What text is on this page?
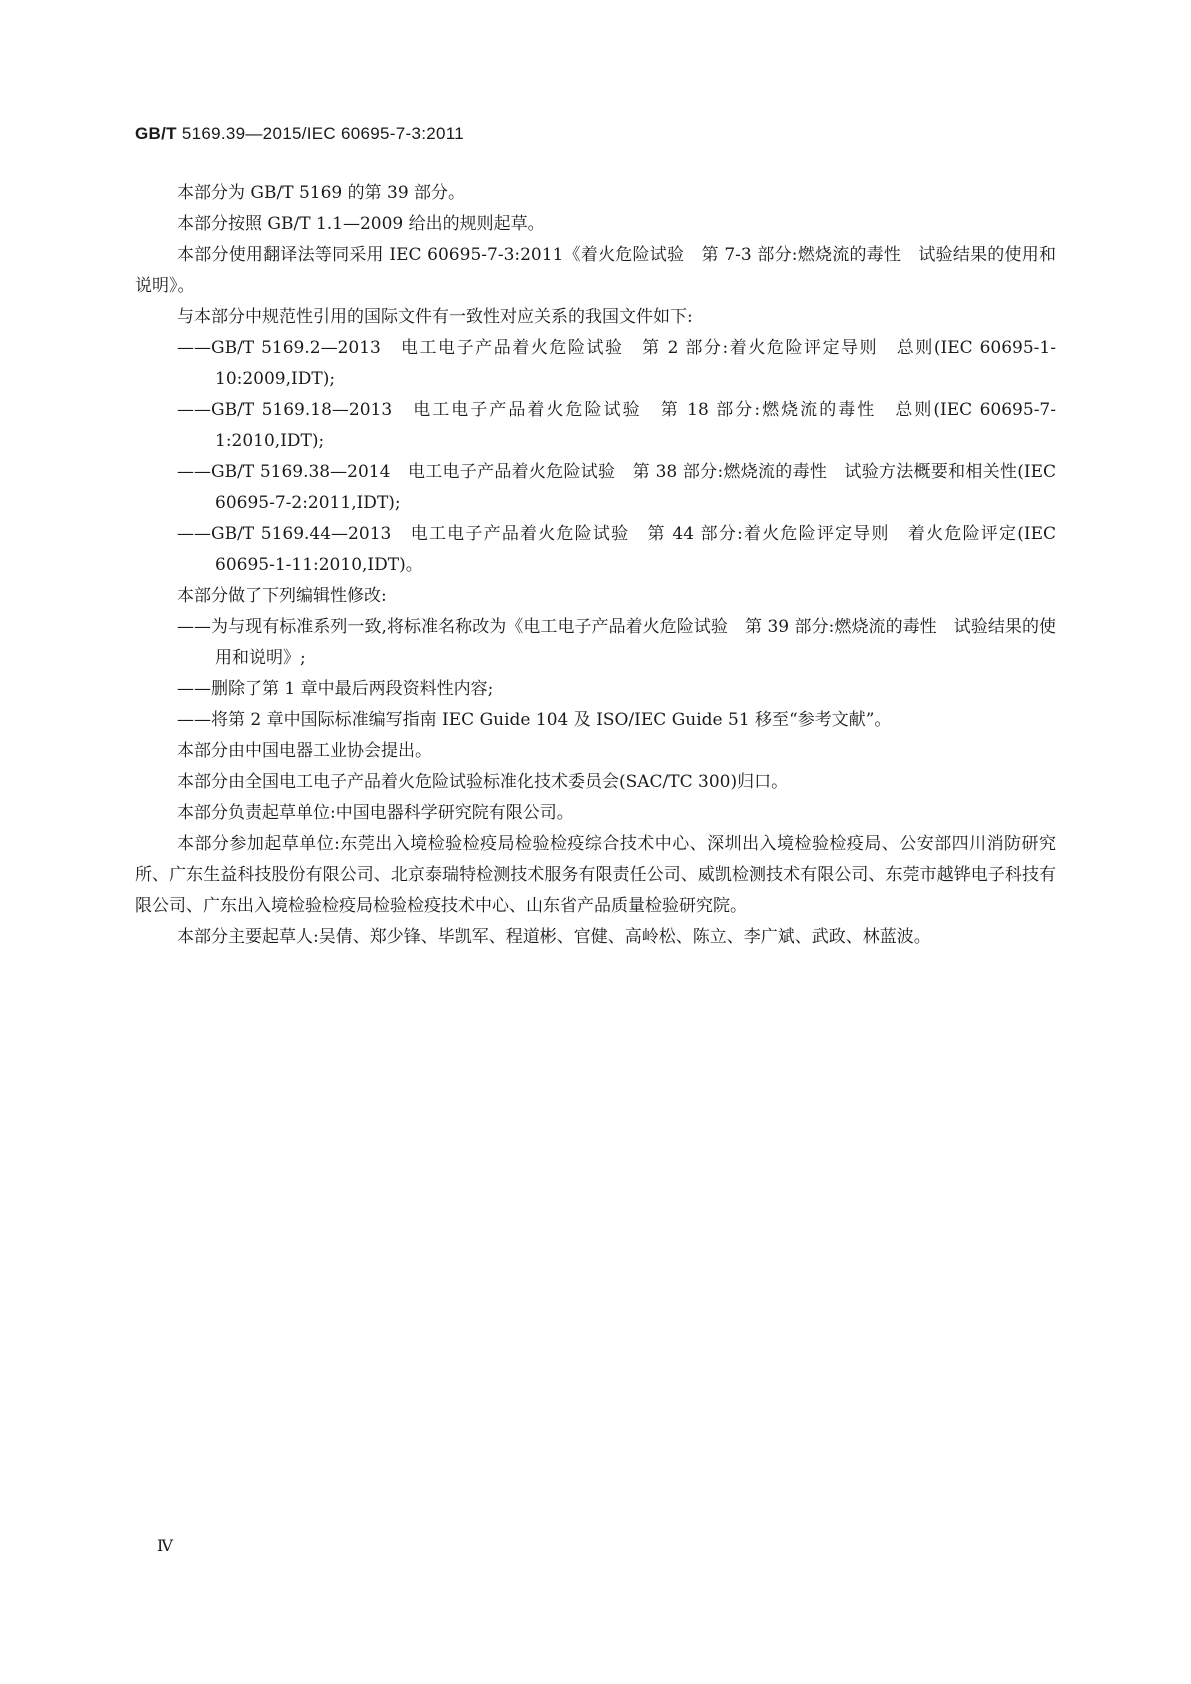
GB/T 5169.39—2015/IEC 60695-7-3:2011

本部分为 GB/T 5169 的第 39 部分。

本部分按照 GB/T 1.1—2009 给出的规则起草。

本部分使用翻译法等同采用 IEC 60695-7-3:2011《着火危险试验　第 7-3 部分:燃烧流的毒性　试验结果的使用和说明》。

与本部分中规范性引用的国际文件有一致性对应关系的我国文件如下:

——GB/T 5169.2—2013　电工电子产品着火危险试验　第 2 部分:着火危险评定导则　总则(IEC 60695-1-10:2009,IDT);

——GB/T 5169.18—2013　电工电子产品着火危险试验　第 18 部分:燃烧流的毒性　总则(IEC 60695-7-1:2010,IDT);

——GB/T 5169.38—2014　电工电子产品着火危险试验　第 38 部分:燃烧流的毒性　试验方法概要和相关性(IEC 60695-7-2:2011,IDT);

——GB/T 5169.44—2013　电工电子产品着火危险试验　第 44 部分:着火危险评定导则　着火危险评定(IEC 60695-1-11:2010,IDT)。

本部分做了下列编辑性修改:

——为与现有标准系列一致,将标准名称改为《电工电子产品着火危险试验　第 39 部分:燃烧流的毒性　试验结果的使用和说明》;

——删除了第 1 章中最后两段资料性内容;

——将第 2 章中国际标准编写指南 IEC Guide 104 及 ISO/IEC Guide 51 移至“参考文献”。

本部分由中国电器工业协会提出。

本部分由全国电工电子产品着火危险试验标准化技术委员会(SAC/TC 300)归口。

本部分负责起草单位:中国电器科学研究院有限公司。

本部分参加起草单位:东莞出入境检验检疫局检验检疫综合技术中心、深圳出入境检验检疫局、公安部四川消防研究所、广东生益科技股份有限公司、北京泰瑞特检测技术服务有限责任公司、威凯检测技术有限公司、东莞市越铧电子科技有限公司、广东出入境检验检疫局检验检疫技术中心、山东省产品质量检验研究院。

本部分主要起草人:吴倩、郑少锋、毕凯军、程道彬、官健、高岭松、陈立、李广斌、武政、林蓝波。

Ⅳ
